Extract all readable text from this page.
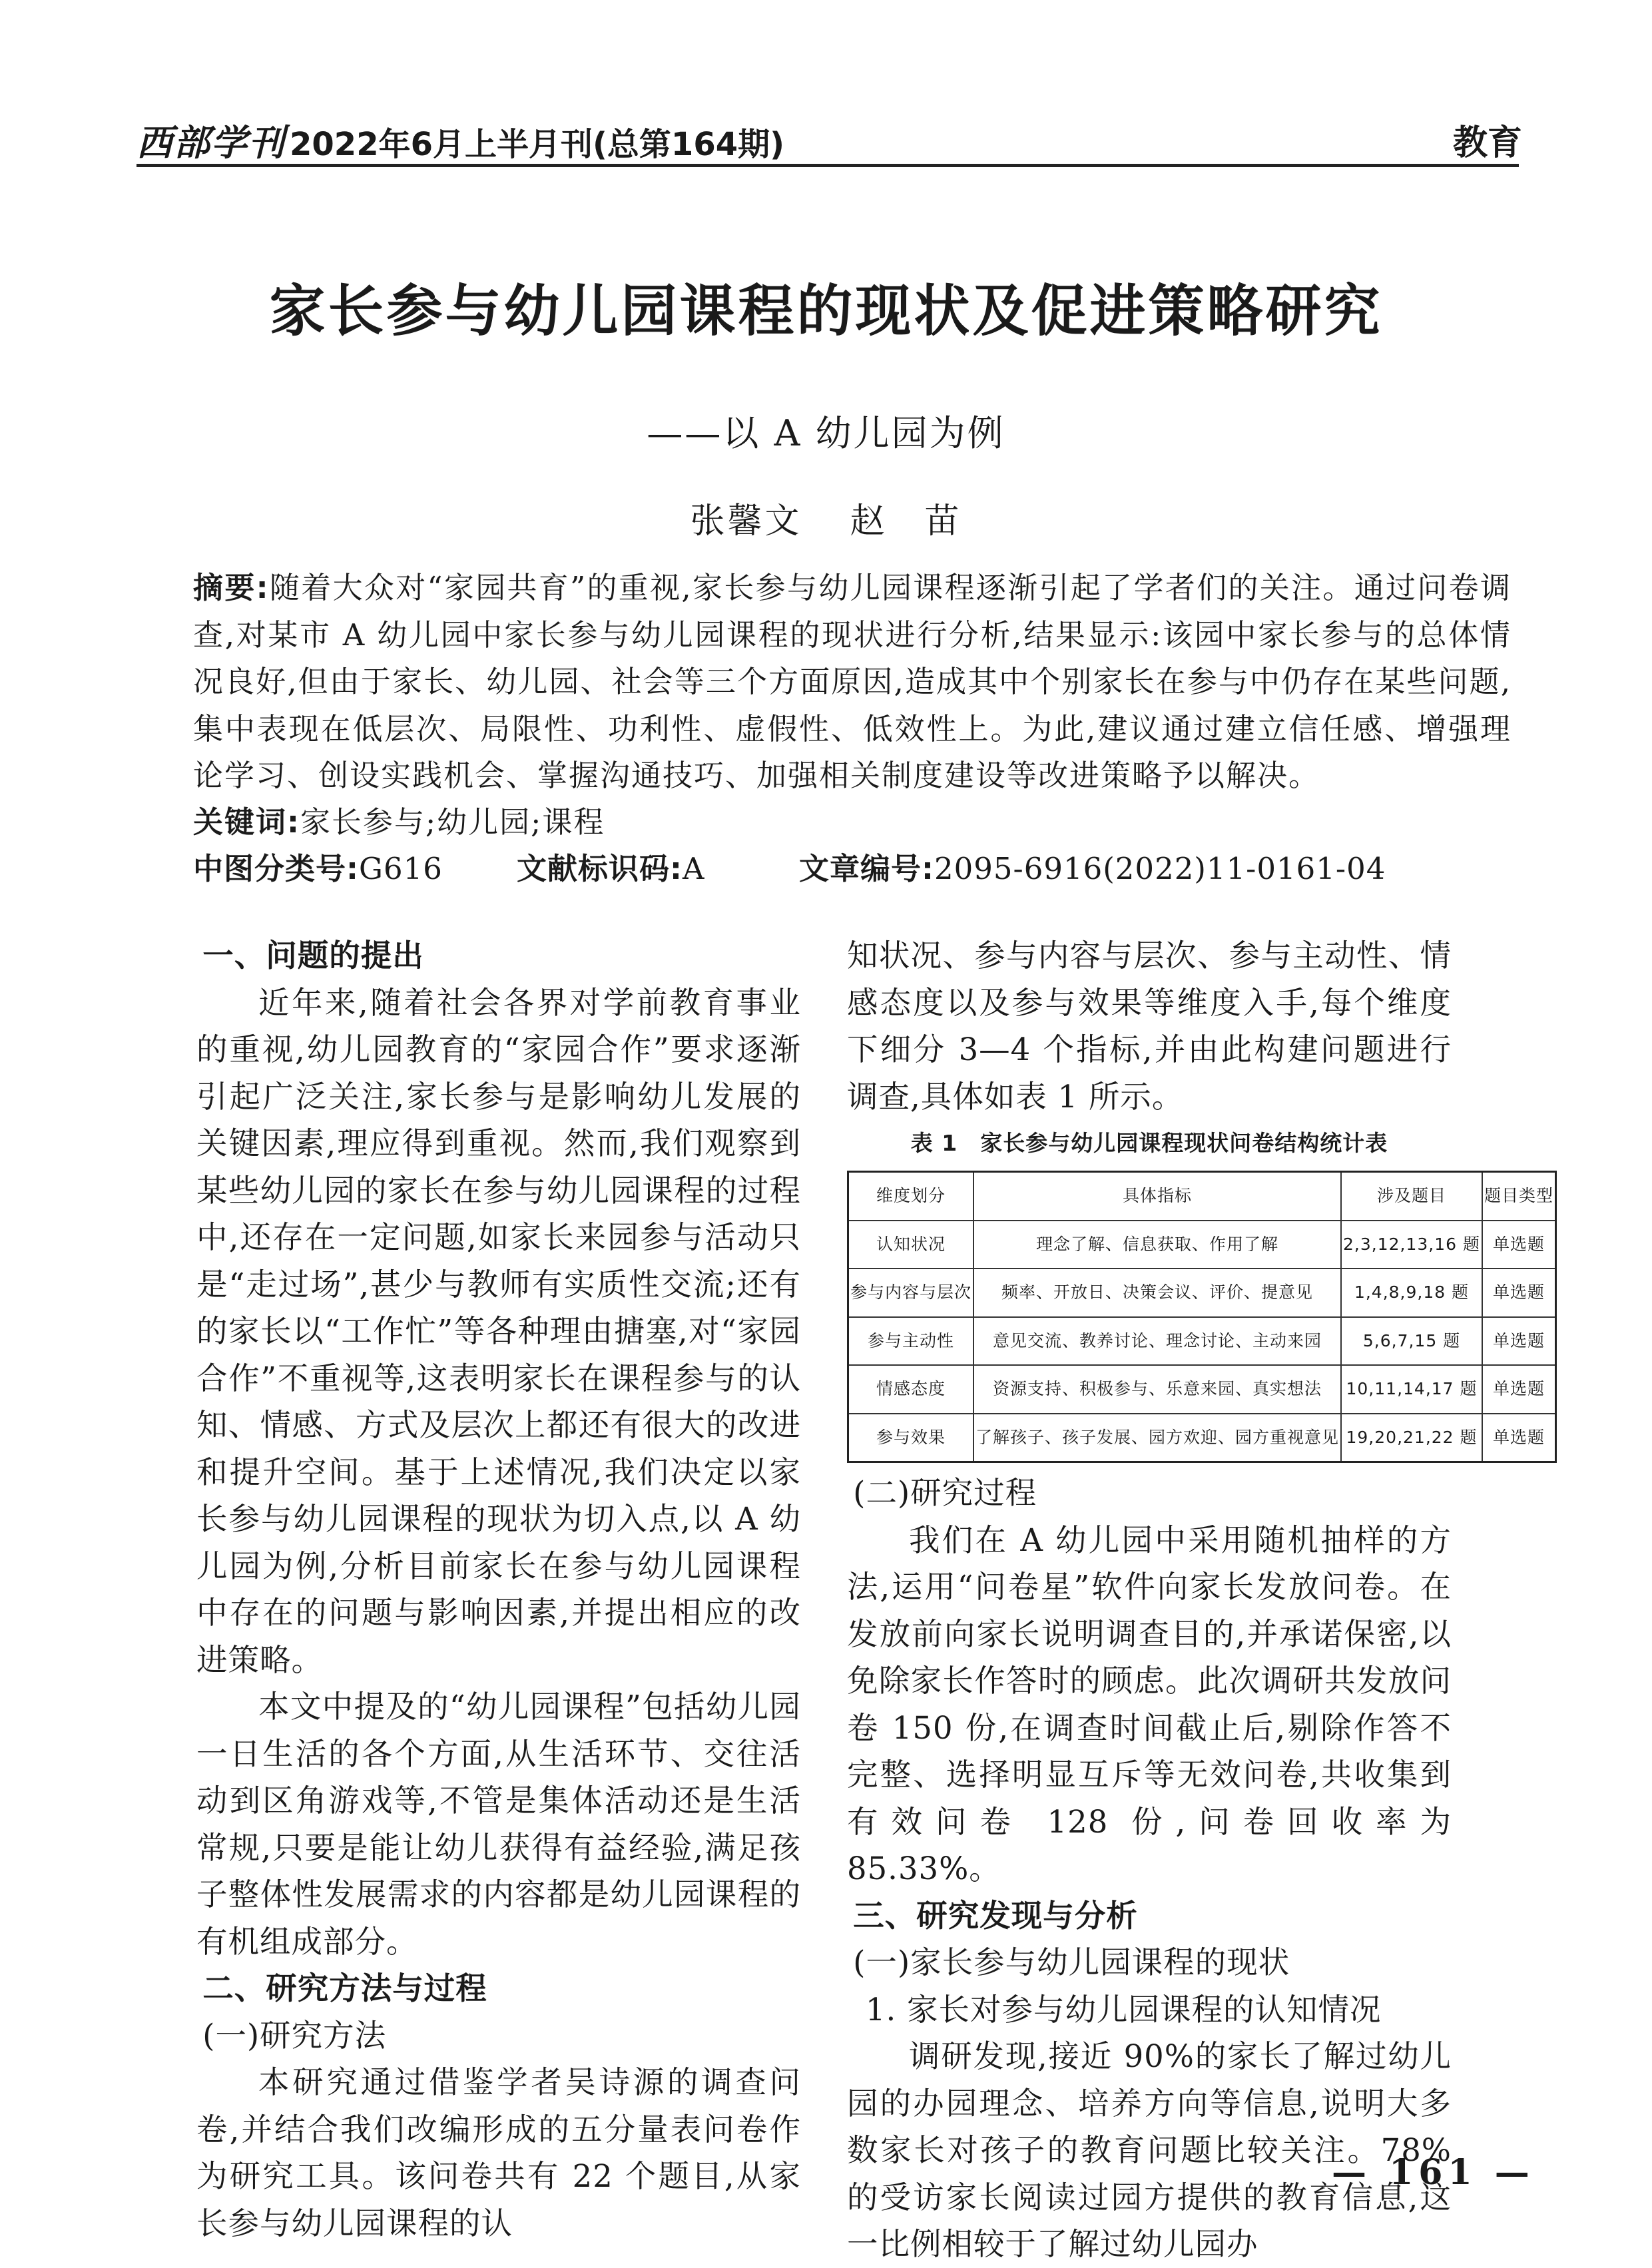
西部学刊 2022年6月上半月刊(总第164期)	教育
家长参与幼儿园课程的现状及促进策略研究
——以 A 幼儿园为例
张馨文 赵　苗
摘要:随着大众对“家园共育”的重视,家长参与幼儿园课程逐渐引起了学者们的关注。通过问卷调查,对某市 A 幼儿园中家长参与幼儿园课程的现状进行分析,结果显示:该园中家长参与的总体情况良好,但由于家长、幼儿园、社会等三个方面原因,造成其中个别家长在参与中仍存在某些问题,集中表现在低层次、局限性、功利性、虚假性、低效性上。为此,建议通过建立信任感、增强理论学习、创设实践机会、掌握沟通技巧、加强相关制度建设等改进策略予以解决。
关键词:家长参与;幼儿园;课程
中图分类号:G616 文献标识码:A	文章编号:2095-6916(2022)11-0161-04

一、问题的提出

近年来,随着社会各界对学前教育事业的重视,幼儿园教育的“家园合作”要求逐渐引起广泛关注,家长参与是影响幼儿发展的关键因素,理应得到重视。然而,我们观察到某些幼儿园的家长在参与幼儿园课程的过程中,还存在一定问题,如家长来园参与活动只是“走过场”,甚少与教师有实质性交流;还有的家长以“工作忙”等各种理由搪塞,对“家园合作”不重视等,这表明家长在课程参与的认知、情感、方式及层次上都还有很大的改进和提升空间。基于上述情况,我们决定以家长参与幼儿园课程的现状为切入点,以 A 幼儿园为例,分析目前家长在参与幼儿园课程中存在的问题与影响因素,并提出相应的改进策略。

本文中提及的“幼儿园课程”包括幼儿园一日生活的各个方面,从生活环节、交往活动到区角游戏等,不管是集体活动还是生活常规,只要是能让幼儿获得有益经验,满足孩子整体性发展需求的内容都是幼儿园课程的有机组成部分。

二、研究方法与过程

(一)研究方法

本研究通过借鉴学者吴诗源的调查问卷,并结合我们改编形成的五分量表问卷作为研究工具。该问卷共有 22 个题目,从家长参与幼儿园课程的认

知状况、参与内容与层次、参与主动性、情感态度以及参与效果等维度入手,每个维度下细分 3—4 个指标,并由此构建问题进行调查,具体如表 1 所示。

表 1　家长参与幼儿园课程现状问卷结构统计表
维度划分	具体指标	涉及题目	题目类型
认知状况	理念了解、信息获取、作用了解	2,3,12,13,16 题	单选题
参与内容与层次	频率、开放日、决策会议、评价、提意见	1,4,8,9,18 题	单选题
参与主动性	意见交流、教养讨论、理念讨论、主动来园	5,6,7,15 题	单选题
情感态度	资源支持、积极参与、乐意来园、真实想法	10,11,14,17 题	单选题
参与效果	了解孩子、孩子发展、园方欢迎、园方重视意见	19,20,21,22 题	单选题

(二)研究过程

我们在 A 幼儿园中采用随机抽样的方法,运用“问卷星”软件向家长发放问卷。在发放前向家长说明调查目的,并承诺保密,以免除家长作答时的顾虑。此次调研共发放问卷 150 份,在调查时间截止后,剔除作答不完整、选择明显互斥等无效问卷,共收集到有效问卷 128 份,问卷回收率为 85.33%。

三、研究发现与分析

(一)家长参与幼儿园课程的现状

1. 家长对参与幼儿园课程的认知情况

调研发现,接近 90%的家长了解过幼儿园的办园理念、培养方向等信息,说明大多数家长对孩子的教育问题比较关注。78%的受访家长阅读过园方提供的教育信息,这一比例相较于了解过幼儿园办

— 161 —
